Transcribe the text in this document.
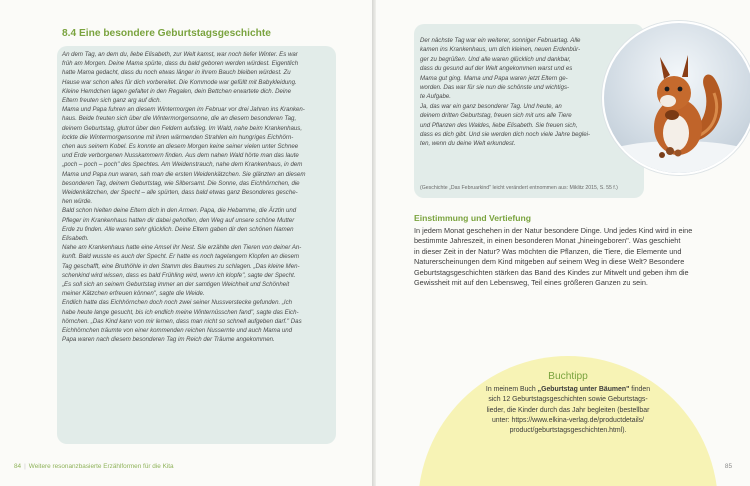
8.4 Eine besondere Geburtstagsgeschichte

An dem Tag, an dem du, liebe Elisabeth, zur Welt kamst, war noch tiefer Winter. Es war

früh am Morgen. Deine Mama spürte, dass du bald geboren werden würdest. Eigentlich

hatte Mama gedacht, dass du noch etwas länger in ihrem Bauch bleiben würdest. Zu

Hause war schon alles für dich vorbereitet. Die Kommode war gefüllt mit Babykleidung.

Kleine Hemdchen lagen gefaltet in den Regalen, dein Bettchen erwartete dich. Deine

Eltern freuten sich ganz arg auf dich.

Mama und Papa fuhren an diesem Wintermorgen im Februar vor drei Jahren ins Kranken-

haus. Beide freuten sich über die Wintermorgensonne, die an diesem besonderen Tag,

deinem Geburtstag, glutrot über den Feldern aufstieg. Im Wald, nahe beim Krankenhaus,

lockte die Wintermorgensonne mit ihren wärmenden Strahlen ein hungriges Eichhörn-

chen aus seinem Kobel. Es konnte an diesem Morgen keine seiner vielen unter Schnee

und Erde verborgenen Nusskammern finden. Aus dem nahen Wald hörte man das laute

„poch – poch – poch" des Spechtes. Am Weidenstrauch, nahe dem Krankenhaus, in dem

Mama und Papa nun waren, sah man die ersten Weidenkätzchen. Sie glänzten an diesem

besonderen Tag, deinem Geburtstag, wie Silbersamt. Die Sonne, das Eichhörnchen, die

Weidenkätzchen, der Specht – alle spürten, dass bald etwas ganz Besonderes gesche-

hen würde.

Bald schon hielten deine Eltern dich in den Armen. Papa, die Hebamme, die Ärztin und

Pfleger im Krankenhaus hatten dir dabei geholfen, den Weg auf unsere schöne Mutter

Erde zu finden. Alle waren sehr glücklich. Deine Eltern gaben dir den schönen Namen

Elisabeth.

Nahe am Krankenhaus hatte eine Amsel ihr Nest. Sie erzählte den Tieren von deiner An-

kunft. Bald wusste es auch der Specht. Er hatte es noch tagelangem Klopfen an diesem

Tag geschafft, eine Bruthöhle in den Stamm des Baumes zu schlagen. „Das kleine Men-

schenkind wird wissen, dass es bald Frühling wird, wenn ich klopfe", sagte der Specht.

„Es soll sich an seinem Geburtstag immer an der samtigen Weichheit und Schönheit

meiner Kätzchen erfreuen können", sagte die Weide.

Endlich hatte das Eichhörnchen doch noch zwei seiner Nussverstecke gefunden. „Ich

habe heute lange gesucht, bis ich endlich meine Winternüsschen fand", sagte das Eich-

hörnchen. „Das Kind kann von mir lernen, dass man nicht so schnell aufgeben darf." Das

Eichhörnchen träumte von einer kommenden reichen Nussernte und auch Mama und

Papa waren nach diesem besonderen Tag im Reich der Träume angekommen.

84 | Weitere resonanzbasierte Erzählformen für die Kita

Der nächste Tag war ein weiterer, sonniger Februartag. Alle

kamen ins Krankenhaus, um dich kleinen, neuen Erdenbür-

ger zu begrüßen. Und alle waren glücklich und dankbar,

dass du gesund auf der Welt angekommen warst und es

Mama gut ging. Mama und Papa waren jetzt Eltern ge-

worden. Das war für sie nun die schönste und wichtigs-

te Aufgabe.

Ja, das war ein ganz besonderer Tag. Und heute, an

deinem dritten Geburtstag, freuen sich mit uns alle Tiere

und Pflanzen des Waldes, liebe Elisabeth. Sie freuen sich,

dass es dich gibt. Und sie werden dich noch viele Jahre beglei-

ten, wenn du deine Welt erkundest.

(Geschichte „Das Februarkind" leicht verändert entnommen aus: Miklitz 2015, S. 55 f.)
Einstimmung und Vertiefung

In jedem Monat geschehen in der Natur besondere Dinge. Und jedes Kind wird in eine

bestimmte Jahreszeit, in einen besonderen Monat „hineingeboren". Was geschieht

in dieser Zeit in der Natur? Was möchten die Pflanzen, die Tiere, die Elemente und

Naturerscheinungen dem Kind mitgeben auf seinem Weg in diese Welt? Besondere

Geburtstagsgeschichten stärken das Band des Kindes zur Mitwelt und geben ihm die

Gewissheit mit auf den Lebensweg, Teil eines größeren Ganzen zu sein.

Buchtipp

In meinem Buch „Geburtstag unter Bäumen" finden

sich 12 Geburtstagsgeschichten sowie Geburtstags-

lieder, die Kinder durch das Jahr begleiten (bestellbar

unter: https://www.elkina-verlag.de/productdetails/

product/geburtstagsgeschichten.html).

85
